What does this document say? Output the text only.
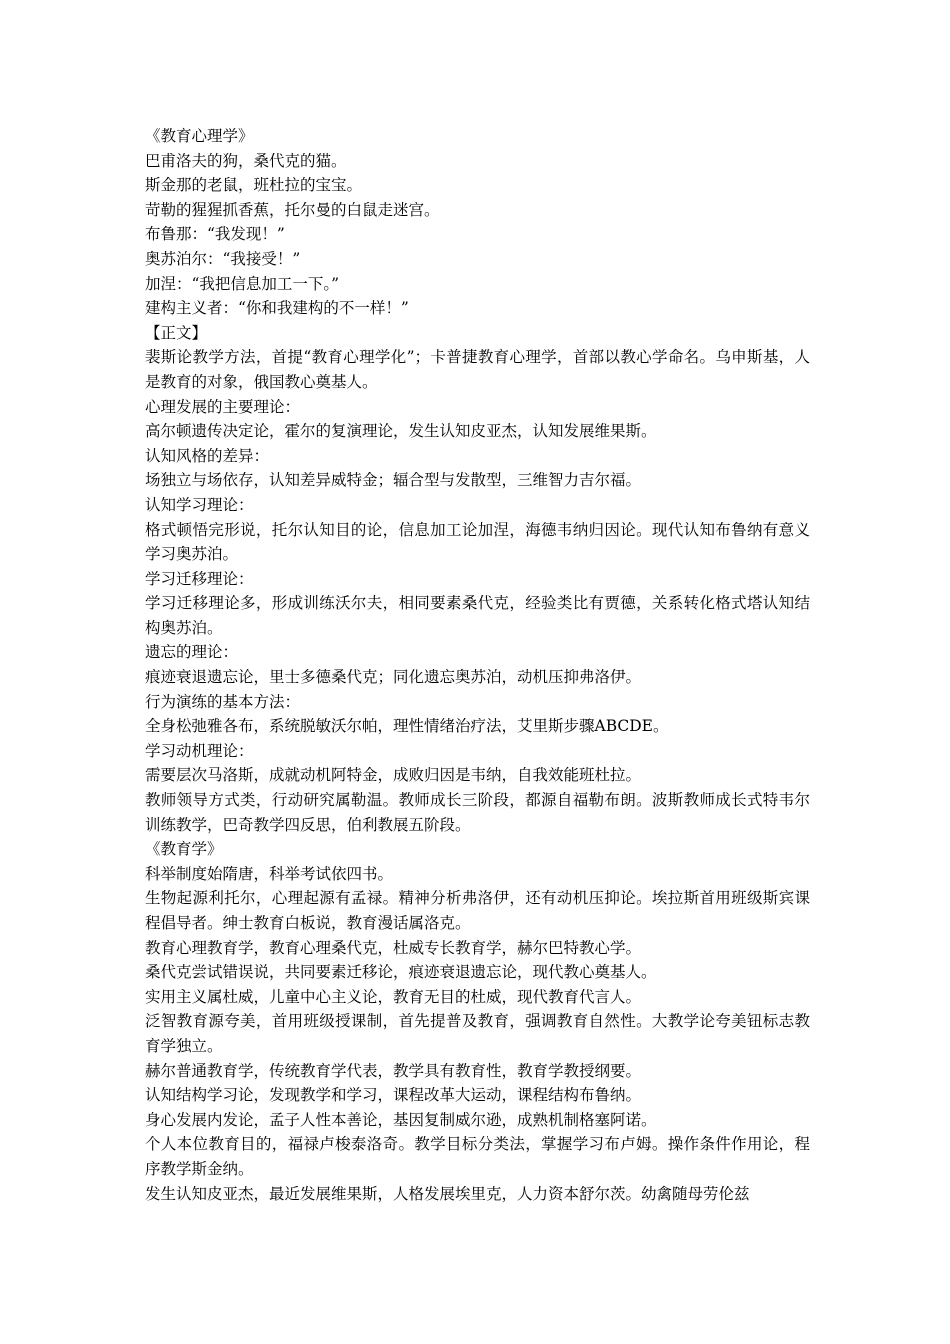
《教育心理学》

巴甫洛夫的狗，桑代克的猫。

斯金那的老鼠，班杜拉的宝宝。

苛勒的猩猩抓香蕉，托尔曼的白鼠走迷宫。

布鲁那：“我发现！”

奥苏泊尔：“我接受！”

加涅：“我把信息加工一下。”

建构主义者：“你和我建构的不一样！”

【正文】

裴斯论教学方法，首提“教育心理学化”；卡普捷教育心理学，首部以教心学命名。乌申斯基，人是教育的对象，俄国教心奠基人。

心理发展的主要理论：

高尔顿遗传决定论，霍尔的复演理论，发生认知皮亚杰，认知发展维果斯。

认知风格的差异：

场独立与场依存，认知差异威特金；辐合型与发散型，三维智力吉尔福。

认知学习理论：

格式顿悟完形说，托尔认知目的论，信息加工论加涅，海德韦纳归因论。现代认知布鲁纳有意义学习奥苏泊。

学习迁移理论：

学习迁移理论多，形成训练沃尔夫，相同要素桑代克，经验类比有贾德，关系转化格式塔认知结构奥苏泊。

遗忘的理论：

痕迹衰退遗忘论，里士多德桑代克；同化遗忘奥苏泊，动机压抑弗洛伊。

行为演练的基本方法：

全身松弛雅各布，系统脱敏沃尔帕，理性情绪治疗法，艾里斯步骤ABCDE。

学习动机理论：

需要层次马洛斯，成就动机阿特金，成败归因是韦纳，自我效能班杜拉。

教师领导方式类，行动研究属勒温。教师成长三阶段，都源自福勒布朗。波斯教师成长式特韦尔训练教学，巴奇教学四反思，伯利教展五阶段。

《教育学》

科举制度始隋唐，科举考试依四书。

生物起源利托尔，心理起源有孟禄。精神分析弗洛伊，还有动机压抑论。埃拉斯首用班级斯宾课程倡导者。绅士教育白板说，教育漫话属洛克。

教育心理教育学，教育心理桑代克，杜威专长教育学，赫尔巴特教心学。

桑代克尝试错误说，共同要素迁移论，痕迹衰退遗忘论，现代教心奠基人。

实用主义属杜威，儿童中心主义论，教育无目的杜威，现代教育代言人。

泛智教育源夸美，首用班级授课制，首先提普及教育，强调教育自然性。大教学论夸美钮标志教育学独立。

赫尔普通教育学，传统教育学代表，教学具有教育性，教育学教授纲要。

认知结构学习论，发现教学和学习，课程改革大运动，课程结构布鲁纳。

身心发展内发论，孟子人性本善论，基因复制威尔逊，成熟机制格塞阿诺。

个人本位教育目的，福禄卢梭泰洛奇。教学目标分类法，掌握学习布卢姆。操作条件作用论，程序教学斯金纳。

发生认知皮亚杰，最近发展维果斯，人格发展埃里克，人力资本舒尔茨。幼禽随母劳伦兹
